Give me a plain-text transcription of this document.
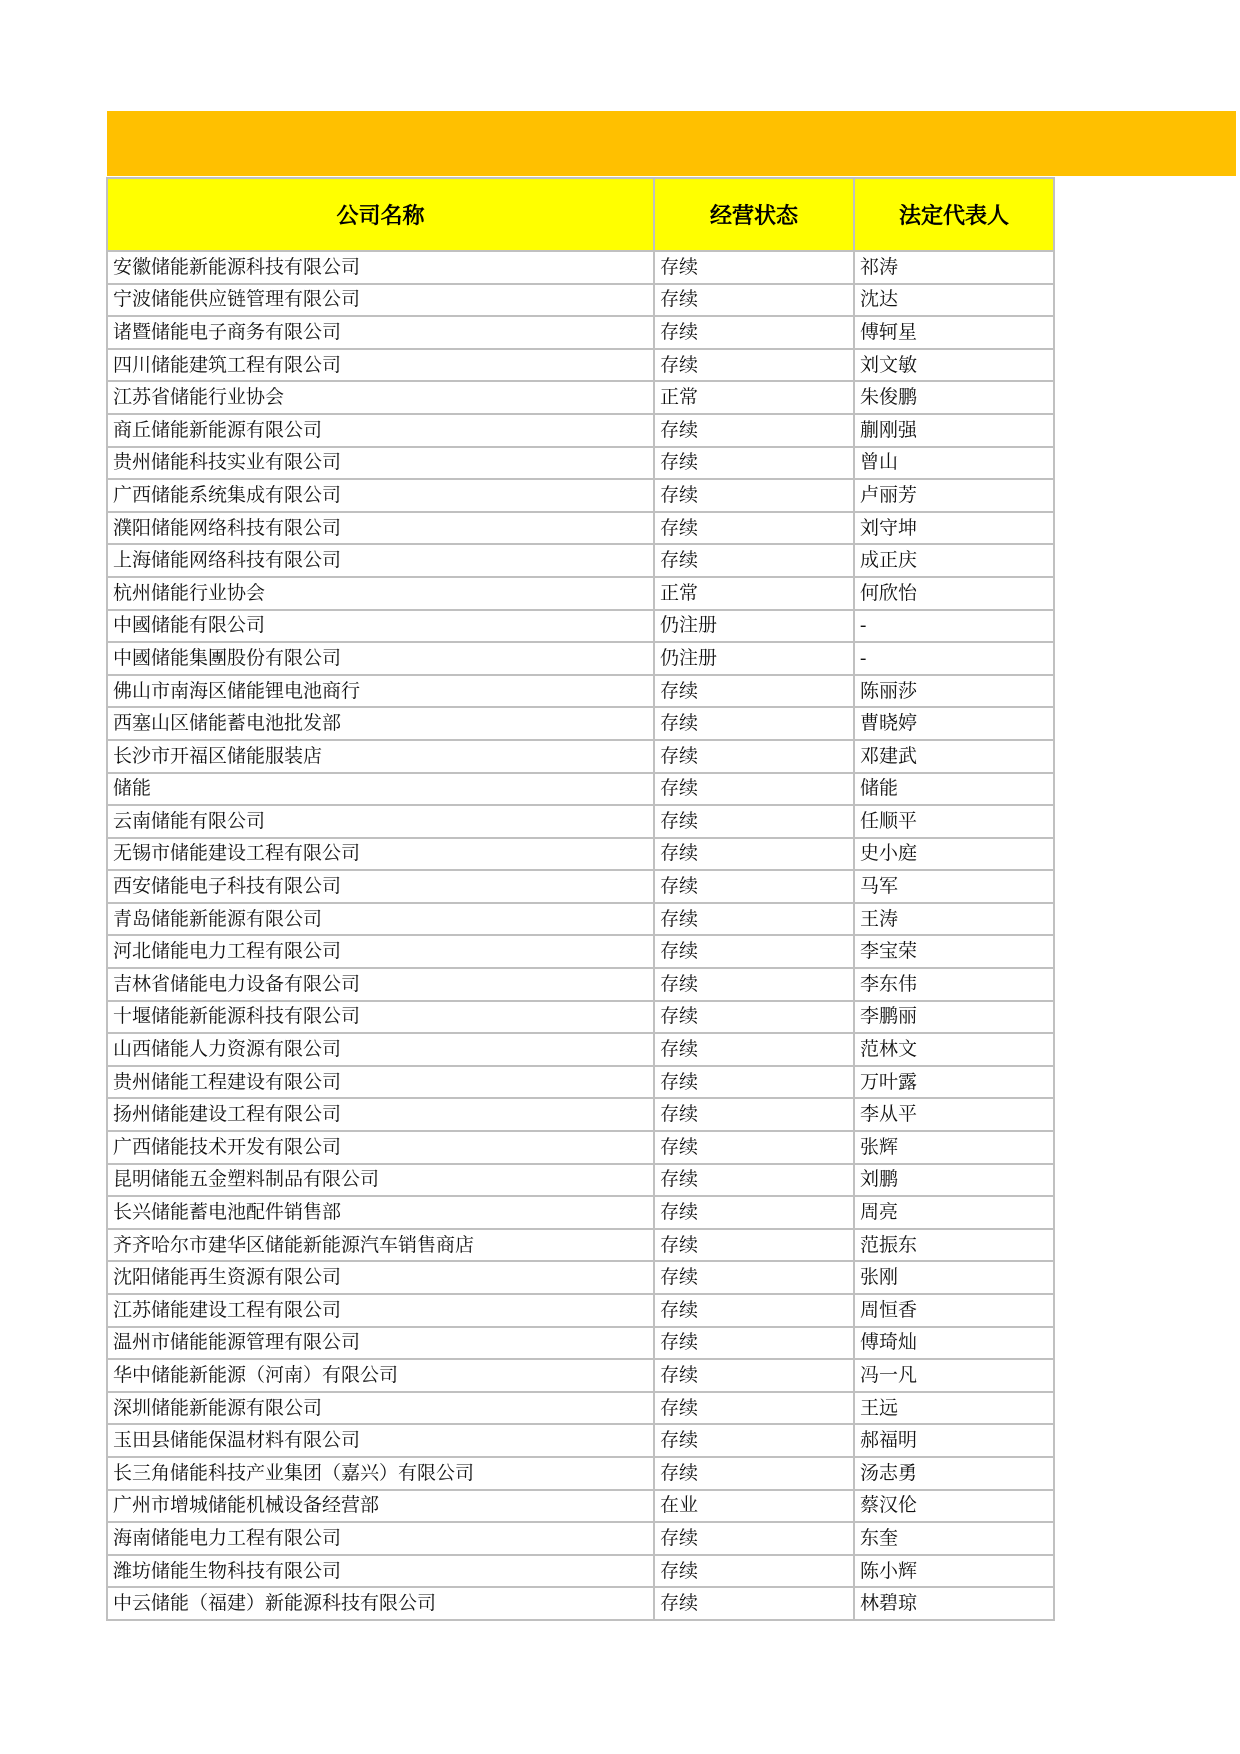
公司名称	经营状态	法定代表人
安徽储能新能源科技有限公司	存续	祁涛
宁波储能供应链管理有限公司	存续	沈达
诸暨储能电子商务有限公司	存续	傅轲星
四川储能建筑工程有限公司	存续	刘文敏
江苏省储能行业协会	正常	朱俊鹏
商丘储能新能源有限公司	存续	蒯刚强
贵州储能科技实业有限公司	存续	曾山
广西储能系统集成有限公司	存续	卢丽芳
濮阳储能网络科技有限公司	存续	刘守坤
上海储能网络科技有限公司	存续	成正庆
杭州储能行业协会	正常	何欣怡
中國储能有限公司	仍注册	-
中國储能集團股份有限公司	仍注册	-
佛山市南海区储能锂电池商行	存续	陈丽莎
西塞山区储能蓄电池批发部	存续	曹晓婷
长沙市开福区储能服装店	存续	邓建武
储能	存续	储能
云南储能有限公司	存续	任顺平
无锡市储能建设工程有限公司	存续	史小庭
西安储能电子科技有限公司	存续	马军
青岛储能新能源有限公司	存续	王涛
河北储能电力工程有限公司	存续	李宝荣
吉林省储能电力设备有限公司	存续	李东伟
十堰储能新能源科技有限公司	存续	李鹏丽
山西储能人力资源有限公司	存续	范林文
贵州储能工程建设有限公司	存续	万叶露
扬州储能建设工程有限公司	存续	李从平
广西储能技术开发有限公司	存续	张辉
昆明储能五金塑料制品有限公司	存续	刘鹏
长兴储能蓄电池配件销售部	存续	周亮
齐齐哈尔市建华区储能新能源汽车销售商店	存续	范振东
沈阳储能再生资源有限公司	存续	张刚
江苏储能建设工程有限公司	存续	周恒香
温州市储能能源管理有限公司	存续	傅琦灿
华中储能新能源（河南）有限公司	存续	冯一凡
深圳储能新能源有限公司	存续	王远
玉田县储能保温材料有限公司	存续	郝福明
长三角储能科技产业集团（嘉兴）有限公司	存续	汤志勇
广州市增城储能机械设备经营部	在业	蔡汉伦
海南储能电力工程有限公司	存续	东奎
潍坊储能生物科技有限公司	存续	陈小辉
中云储能（福建）新能源科技有限公司	存续	林碧琼
